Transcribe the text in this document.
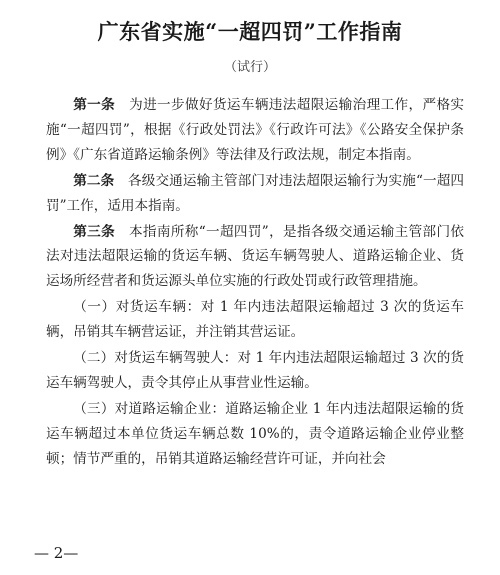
广东省实施“一超四罚”工作指南
（试行）

第一条　 为进一步做好货运车辆违法超限运输治理工作，严格实施“一超四罚”，根据《行政处罚法》《行政许可法》《公路安全保护条例》《广东省道路运输条例》等法律及行政法规，制定本指南。

第二条　 各级交通运输主管部门对违法超限运输行为实施“一超四罚”工作，适用本指南。

第三条　 本指南所称“一超四罚”，是指各级交通运输主管部门依法对违法超限运输的货运车辆、货运车辆驾驶人、道路运输企业、货运场所经营者和货运源头单位实施的行政处罚或行政管理措施。

（一）对货运车辆：对 1 年内违法超限运输超过 3 次的货运车辆，吊销其车辆营运证，并注销其营运证。

（二）对货运车辆驾驶人：对 1 年内违法超限运输超过 3 次的货运车辆驾驶人，责令其停止从事营业性运输。

（三）对道路运输企业：道路运输企业 1 年内违法超限运输的货运车辆超过本单位货运车辆总数 10%的，责令道路运输企业停业整顿；情节严重的，吊销其道路运输经营许可证，并向社会

— 2—
